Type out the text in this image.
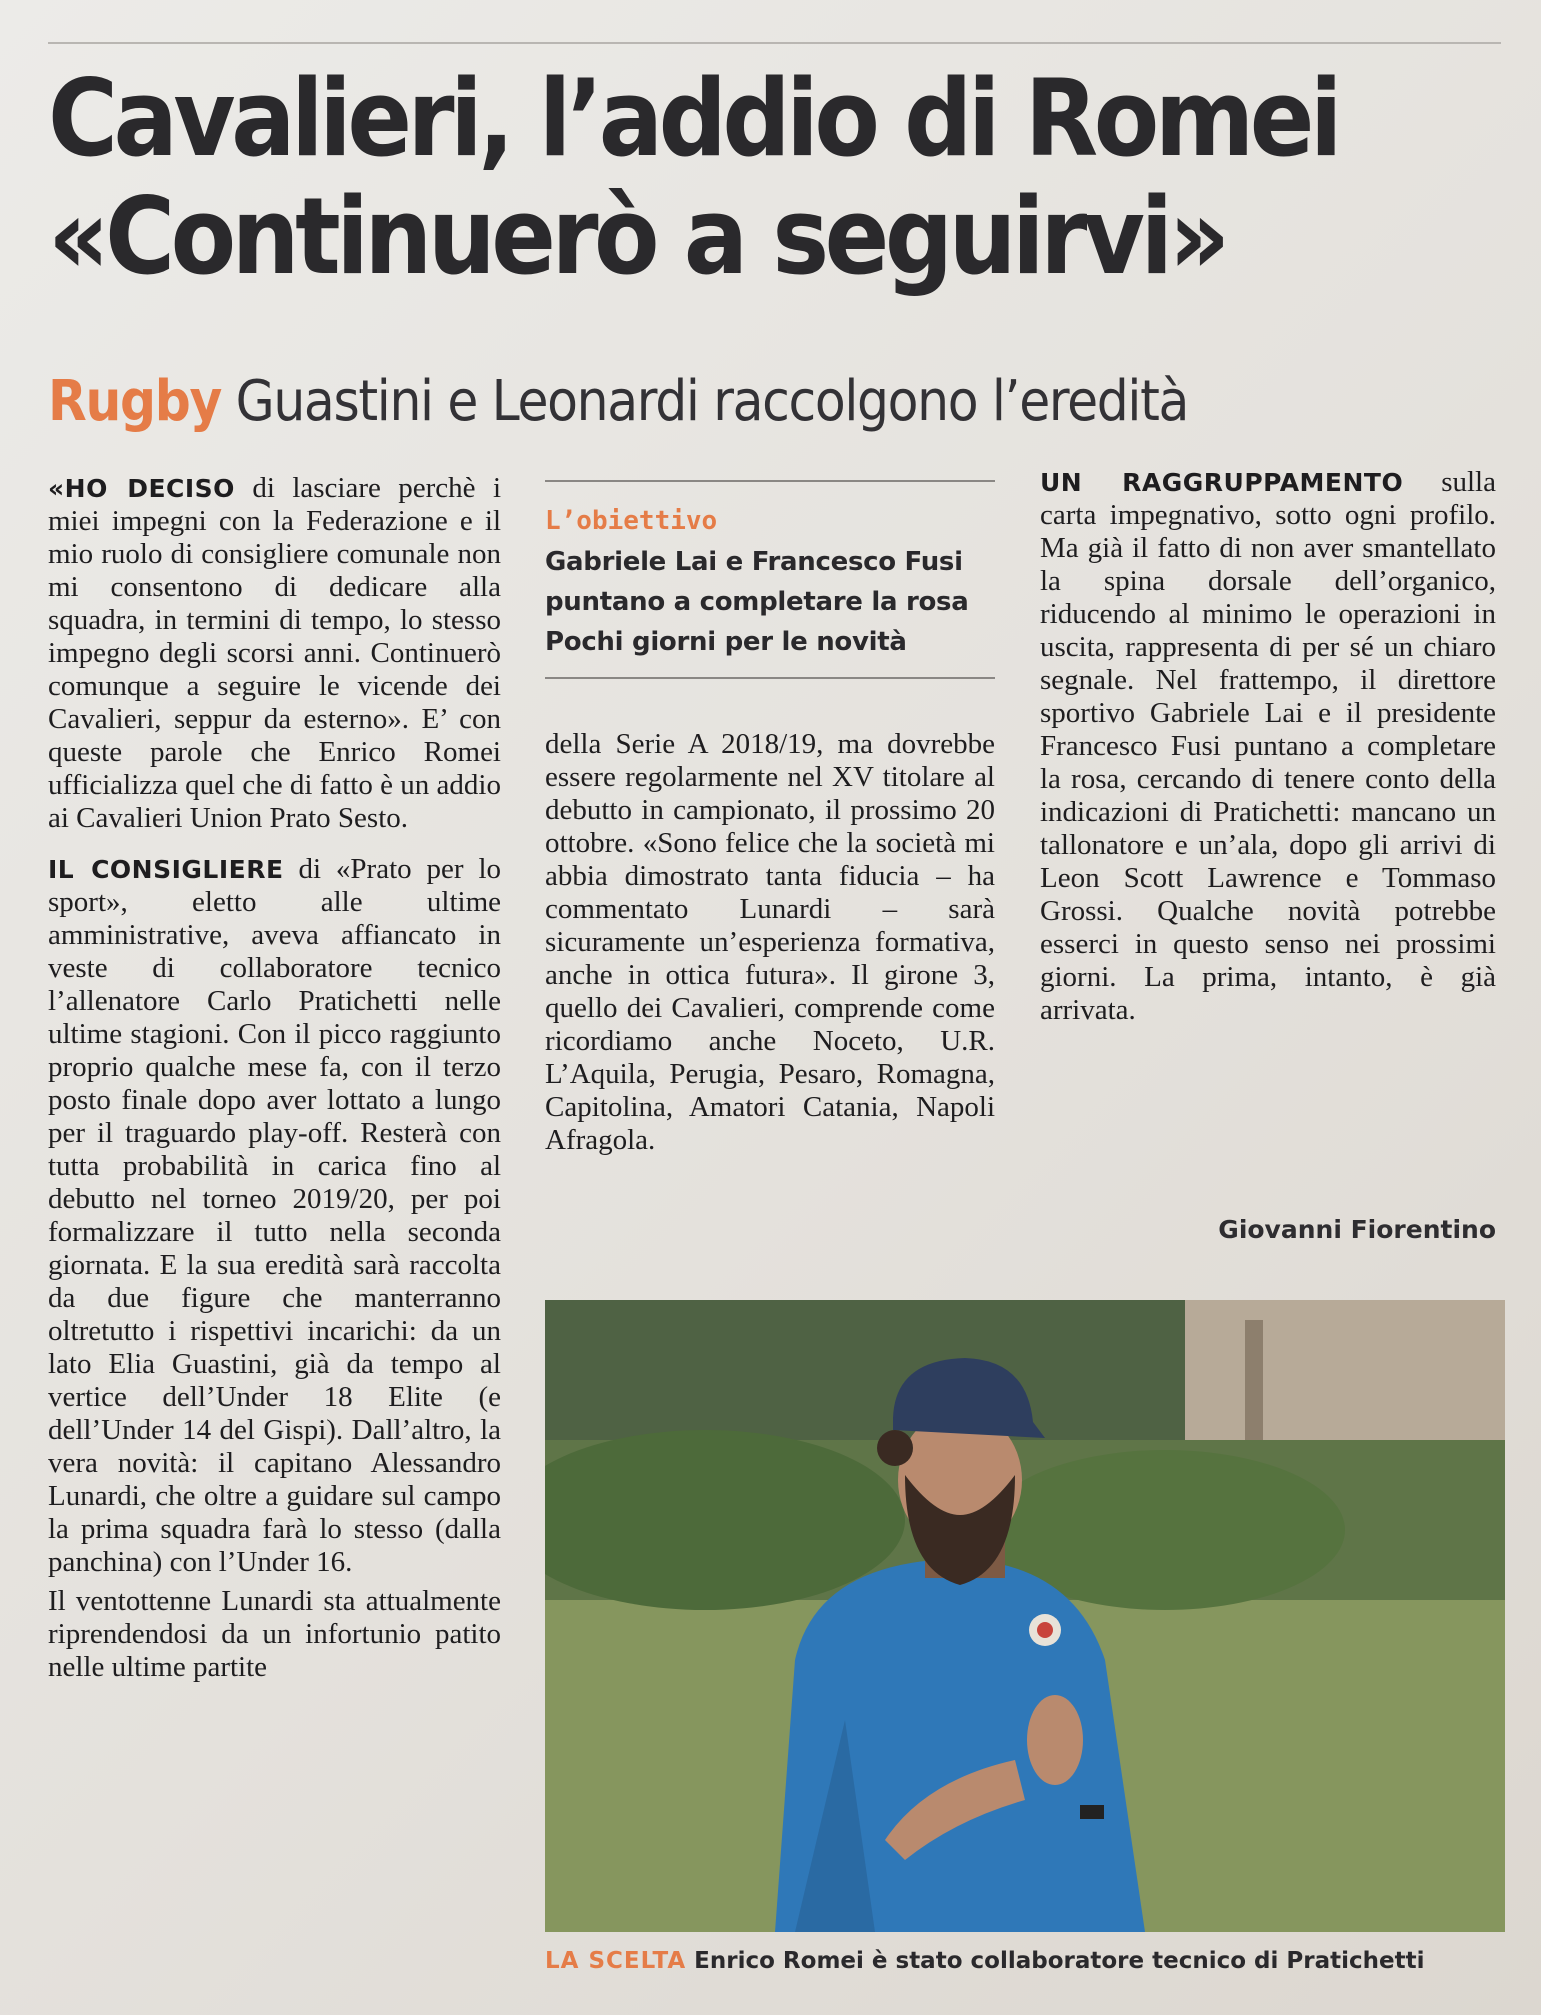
Cavalieri, l’addio di Romei
«Continuerò a seguirvi»
Rugby Guastini e Leonardi raccolgono l’eredità

«HO DECISO di lasciare perchè i miei impegni con la Federazione e il mio ruolo di consigliere comunale non mi consentono di dedicare alla squadra, in termini di tempo, lo stesso impegno degli scorsi anni. Continuerò comunque a seguire le vicende dei Cavalieri, seppur da esterno». E’ con queste parole che Enrico Romei ufficializza quel che di fatto è un addio ai Cavalieri Union Prato Sesto.

IL CONSIGLIERE di «Prato per lo sport», eletto alle ultime amministrative, aveva affiancato in veste di collaboratore tecnico l’allenatore Carlo Pratichetti nelle ultime stagioni. Con il picco raggiunto proprio qualche mese fa, con il terzo posto finale dopo aver lottato a lungo per il traguardo play-off. Resterà con tutta probabilità in carica fino al debutto nel torneo 2019/20, per poi formalizzare il tutto nella seconda giornata. E la sua eredità sarà raccolta da due figure che manterranno oltretutto i rispettivi incarichi: da un lato Elia Guastini, già da tempo al vertice dell’Under 18 Elite (e dell’Under 14 del Gispi). Dall’altro, la vera novità: il capitano Alessandro Lunardi, che oltre a guidare sul campo la prima squadra farà lo stesso (dalla panchina) con l’Under 16.

Il ventottenne Lunardi sta attualmente riprendendosi da un infortunio patito nelle ultime partite

L’obiettivo
Gabriele Lai e Francesco Fusi
puntano a completare la rosa
Pochi giorni per le novità

della Serie A 2018/19, ma dovrebbe essere regolarmente nel XV titolare al debutto in campionato, il prossimo 20 ottobre. «Sono felice che la società mi abbia dimostrato tanta fiducia – ha commentato Lunardi – sarà sicuramente un’esperienza formativa, anche in ottica futura». Il girone 3, quello dei Cavalieri, comprende come ricordiamo anche Noceto, U.R. L’Aquila, Perugia, Pesaro, Romagna, Capitolina, Amatori Catania, Napoli Afragola.

UN RAGGRUPPAMENTO sulla carta impegnativo, sotto ogni profilo. Ma già il fatto di non aver smantellato la spina dorsale dell’organico, riducendo al minimo le operazioni in uscita, rappresenta di per sé un chiaro segnale. Nel frattempo, il direttore sportivo Gabriele Lai e il presidente Francesco Fusi puntano a completare la rosa, cercando di tenere conto della indicazioni di Pratichetti: mancano un tallonatore e un’ala, dopo gli arrivi di Leon Scott Lawrence e Tommaso Grossi. Qualche novità potrebbe esserci in questo senso nei prossimi giorni. La prima, intanto, è già arrivata.

Giovanni Fiorentino
LA SCELTA Enrico Romei è stato collaboratore tecnico di Pratichetti
